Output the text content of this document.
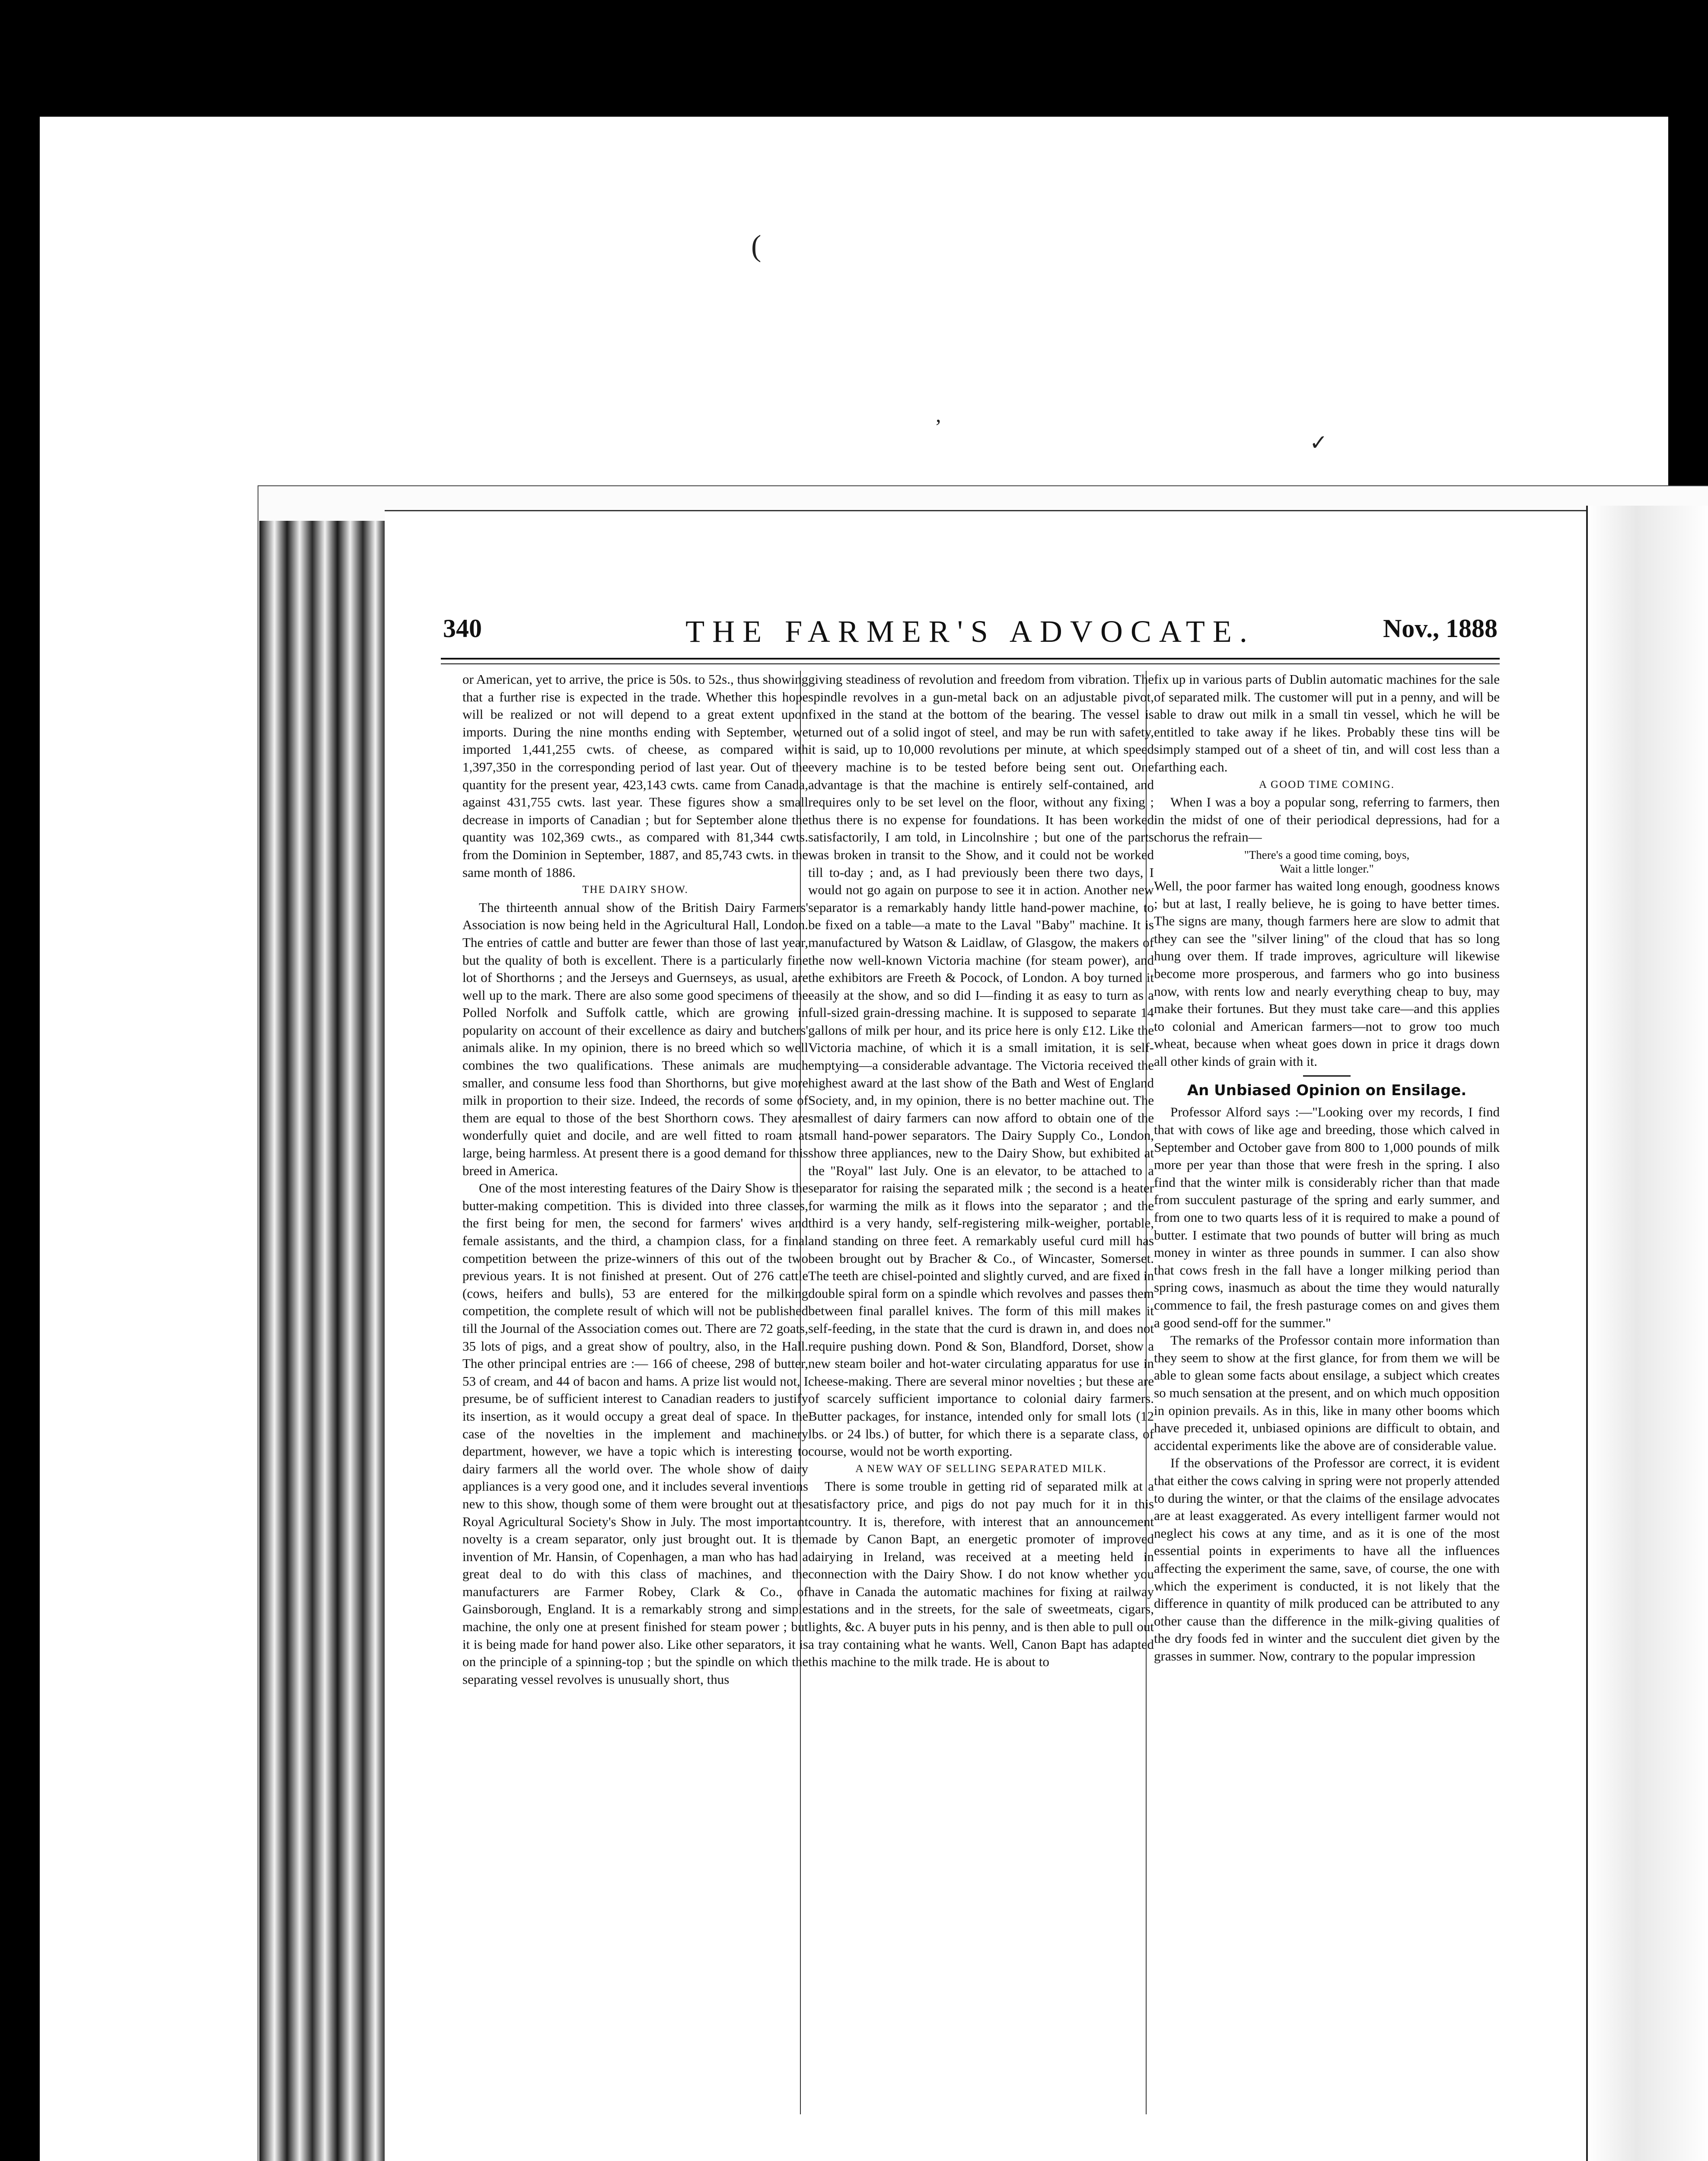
(
,
✓
340	THE FARMER'S ADVOCATE.	Nov., 1888

or American, yet to arrive, the price is 50s. to 52s., thus showing that a further rise is expected in the trade. Whether this hope will be realized or not will depend to a great extent upon imports. During the nine months ending with September, we imported 1,441,255 cwts. of cheese, as compared with 1,397,350 in the corresponding period of last year. Out of the quantity for the present year, 423,143 cwts. came from Canada, against 431,755 cwts. last year. These figures show a small decrease in imports of Canadian ; but for September alone the quantity was 102,369 cwts., as compared with 81,344 cwts. from the Dominion in September, 1887, and 85,743 cwts. in the same month of 1886.

THE DAIRY SHOW.

The thirteenth annual show of the British Dairy Farmers' Association is now being held in the Agricultural Hall, London. The entries of cattle and butter are fewer than those of last year, but the quality of both is excellent. There is a particularly fine lot of Shorthorns ; and the Jerseys and Guernseys, as usual, are well up to the mark. There are also some good specimens of the Polled Norfolk and Suffolk cattle, which are growing in popularity on account of their excellence as dairy and butchers' animals alike. In my opinion, there is no breed which so well combines the two qualifications. These animals are much smaller, and consume less food than Shorthorns, but give more milk in proportion to their size. Indeed, the records of some of them are equal to those of the best Shorthorn cows. They are wonderfully quiet and docile, and are well fitted to roam at large, being harmless. At present there is a good demand for this breed in America.

One of the most interesting features of the Dairy Show is the butter-making competition. This is divided into three classes, the first being for men, the second for farmers' wives and female assistants, and the third, a champion class, for a final competition between the prize-winners of this out of the two previous years. It is not finished at present. Out of 276 cattle (cows, heifers and bulls), 53 are entered for the milking competition, the complete result of which will not be published till the Journal of the Association comes out. There are 72 goats, 35 lots of pigs, and a great show of poultry, also, in the Hall. The other principal entries are :— 166 of cheese, 298 of butter, 53 of cream, and 44 of bacon and hams. A prize list would not, I presume, be of sufficient interest to Canadian readers to justify its insertion, as it would occupy a great deal of space. In the case of the novelties in the implement and machinery department, however, we have a topic which is interesting to dairy farmers all the world over. The whole show of dairy appliances is a very good one, and it includes several inventions new to this show, though some of them were brought out at the Royal Agricultural Society's Show in July. The most important novelty is a cream separator, only just brought out. It is the invention of Mr. Hansin, of Copenhagen, a man who has had a great deal to do with this class of machines, and the manufacturers are Farmer Robey, Clark & Co., of Gainsborough, England. It is a remarkably strong and simple machine, the only one at present finished for steam power ; but it is being made for hand power also. Like other separators, it is on the principle of a spinning-top ; but the spindle on which the separating vessel revolves is unusually short, thus

giving steadiness of revolution and freedom from vibration. The spindle revolves in a gun-metal back on an adjustable pivot, fixed in the stand at the bottom of the bearing. The vessel is turned out of a solid ingot of steel, and may be run with safety, it is said, up to 10,000 revolutions per minute, at which speed every machine is to be tested before being sent out. One advantage is that the machine is entirely self-contained, and requires only to be set level on the floor, without any fixing ; thus there is no expense for foundations. It has been worked satisfactorily, I am told, in Lincolnshire ; but one of the parts was broken in transit to the Show, and it could not be worked till to-day ; and, as I had previously been there two days, I would not go again on purpose to see it in action. Another new separator is a remarkably handy little hand-power machine, to be fixed on a table—a mate to the Laval "Baby" machine. It is manufactured by Watson & Laidlaw, of Glasgow, the makers of the now well-known Victoria machine (for steam power), and the exhibitors are Freeth & Pocock, of London. A boy turned it easily at the show, and so did I—finding it as easy to turn as a full-sized grain-dressing machine. It is supposed to separate 14 gallons of milk per hour, and its price here is only £12. Like the Victoria machine, of which it is a small imitation, it is self-emptying—a considerable advantage. The Victoria received the highest award at the last show of the Bath and West of England Society, and, in my opinion, there is no better machine out. The smallest of dairy farmers can now afford to obtain one of the small hand-power separators. The Dairy Supply Co., London, show three appliances, new to the Dairy Show, but exhibited at the "Royal" last July. One is an elevator, to be attached to a separator for raising the separated milk ; the second is a heater for warming the milk as it flows into the separator ; and the third is a very handy, self-registering milk-weigher, portable, and standing on three feet. A remarkably useful curd mill has been brought out by Bracher & Co., of Wincaster, Somerset. The teeth are chisel-pointed and slightly curved, and are fixed in double spiral form on a spindle which revolves and passes them between final parallel knives. The form of this mill makes it self-feeding, in the state that the curd is drawn in, and does not require pushing down. Pond & Son, Blandford, Dorset, show a new steam boiler and hot-water circulating apparatus for use in cheese-making. There are several minor novelties ; but these are of scarcely sufficient importance to colonial dairy farmers. Butter packages, for instance, intended only for small lots (12 lbs. or 24 lbs.) of butter, for which there is a separate class, of course, would not be worth exporting.

A NEW WAY OF SELLING SEPARATED MILK.

There is some trouble in getting rid of separated milk at a satisfactory price, and pigs do not pay much for it in this country. It is, therefore, with interest that an announcement made by Canon Bapt, an energetic promoter of improved dairying in Ireland, was received at a meeting held in connection with the Dairy Show. I do not know whether you have in Canada the automatic machines for fixing at railway stations and in the streets, for the sale of sweetmeats, cigars, lights, &c. A buyer puts in his penny, and is then able to pull out a tray containing what he wants. Well, Canon Bapt has adapted this machine to the milk trade. He is about to

fix up in various parts of Dublin automatic machines for the sale of separated milk. The customer will put in a penny, and will be able to draw out milk in a small tin vessel, which he will be entitled to take away if he likes. Probably these tins will be simply stamped out of a sheet of tin, and will cost less than a farthing each.

A GOOD TIME COMING.

When I was a boy a popular song, referring to farmers, then in the midst of one of their periodical depressions, had for a chorus the refrain—

"There's a good time coming, boys,
Wait a little longer."

Well, the poor farmer has waited long enough, goodness knows ; but at last, I really believe, he is going to have better times. The signs are many, though farmers here are slow to admit that they can see the "silver lining" of the cloud that has so long hung over them. If trade improves, agriculture will likewise become more prosperous, and farmers who go into business now, with rents low and nearly everything cheap to buy, may make their fortunes. But they must take care—and this applies to colonial and American farmers—not to grow too much wheat, because when wheat goes down in price it drags down all other kinds of grain with it.

An Unbiased Opinion on Ensilage.

Professor Alford says :—"Looking over my records, I find that with cows of like age and breeding, those which calved in September and October gave from 800 to 1,000 pounds of milk more per year than those that were fresh in the spring. I also find that the winter milk is considerably richer than that made from succulent pasturage of the spring and early summer, and from one to two quarts less of it is required to make a pound of butter. I estimate that two pounds of butter will bring as much money in winter as three pounds in summer. I can also show that cows fresh in the fall have a longer milking period than spring cows, inasmuch as about the time they would naturally commence to fail, the fresh pasturage comes on and gives them a good send-off for the summer."

The remarks of the Professor contain more information than they seem to show at the first glance, for from them we will be able to glean some facts about ensilage, a subject which creates so much sensation at the present, and on which much opposition in opinion prevails. As in this, like in many other booms which have preceded it, unbiased opinions are difficult to obtain, and accidental experiments like the above are of considerable value.

If the observations of the Professor are correct, it is evident that either the cows calving in spring were not properly attended to during the winter, or that the claims of the ensilage advocates are at least exaggerated. As every intelligent farmer would not neglect his cows at any time, and as it is one of the most essential points in experiments to have all the influences affecting the experiment the same, save, of course, the one with which the experiment is conducted, it is not likely that the difference in quantity of milk produced can be attributed to any other cause than the difference in the milk-giving qualities of the dry foods fed in winter and the succulent diet given by the grasses in summer. Now, contrary to the popular impression
